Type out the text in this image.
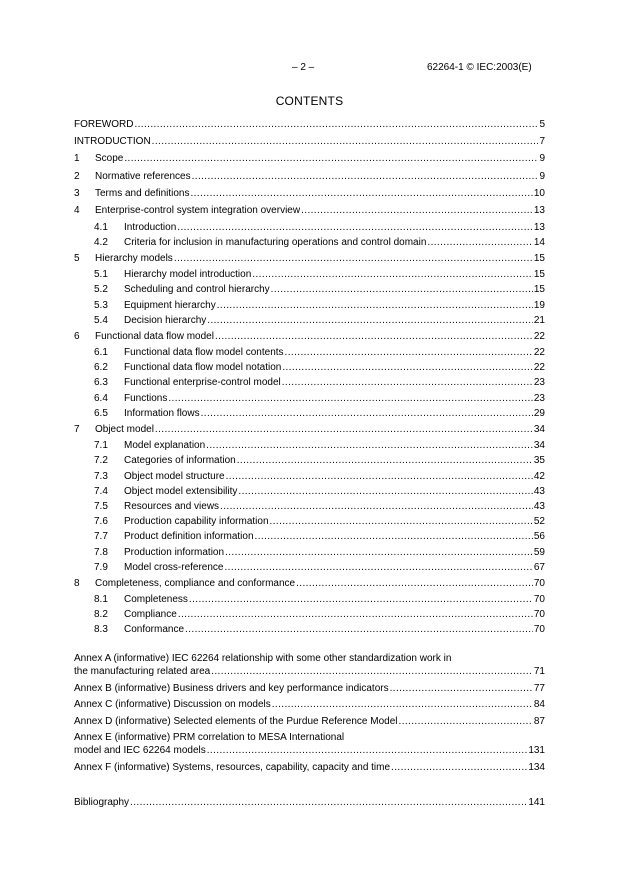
– 2 –	62264-1 © IEC:2003(E)
CONTENTS
FOREWORD .....	5
INTRODUCTION .....	7
1 Scope .....	9
2 Normative references .....	9
3 Terms and definitions .....	10
4 Enterprise-control system integration overview .....	13
4.1 Introduction .....	13
4.2 Criteria for inclusion in manufacturing operations and control domain .....	14
5 Hierarchy models .....	15
5.1 Hierarchy model introduction .....	15
5.2 Scheduling and control hierarchy .....	15
5.3 Equipment hierarchy .....	19
5.4 Decision hierarchy .....	21
6 Functional data flow model .....	22
6.1 Functional data flow model contents .....	22
6.2 Functional data flow model notation .....	22
6.3 Functional enterprise-control model .....	23
6.4 Functions .....	23
6.5 Information flows .....	29
7 Object model .....	34
7.1 Model explanation .....	34
7.2 Categories of information .....	35
7.3 Object model structure .....	42
7.4 Object model extensibility .....	43
7.5 Resources and views .....	43
7.6 Production capability information .....	52
7.7 Product definition information .....	56
7.8 Production information .....	59
7.9 Model cross-reference .....	67
8 Completeness, compliance and conformance .....	70
8.1 Completeness .....	70
8.2 Compliance .....	70
8.3 Conformance .....	70
Annex A (informative) IEC 62264 relationship with some other standardization work in
the manufacturing related area .....	71
Annex B (informative) Business drivers and key performance indicators .....	77
Annex C (informative) Discussion on models .....	84
Annex D (informative) Selected elements of the Purdue Reference Model .....	87
Annex E (informative) PRM correlation to MESA International
model and IEC 62264 models .....	131
Annex F (informative) Systems, resources, capability, capacity and time .....	134
Bibliography .....	141
